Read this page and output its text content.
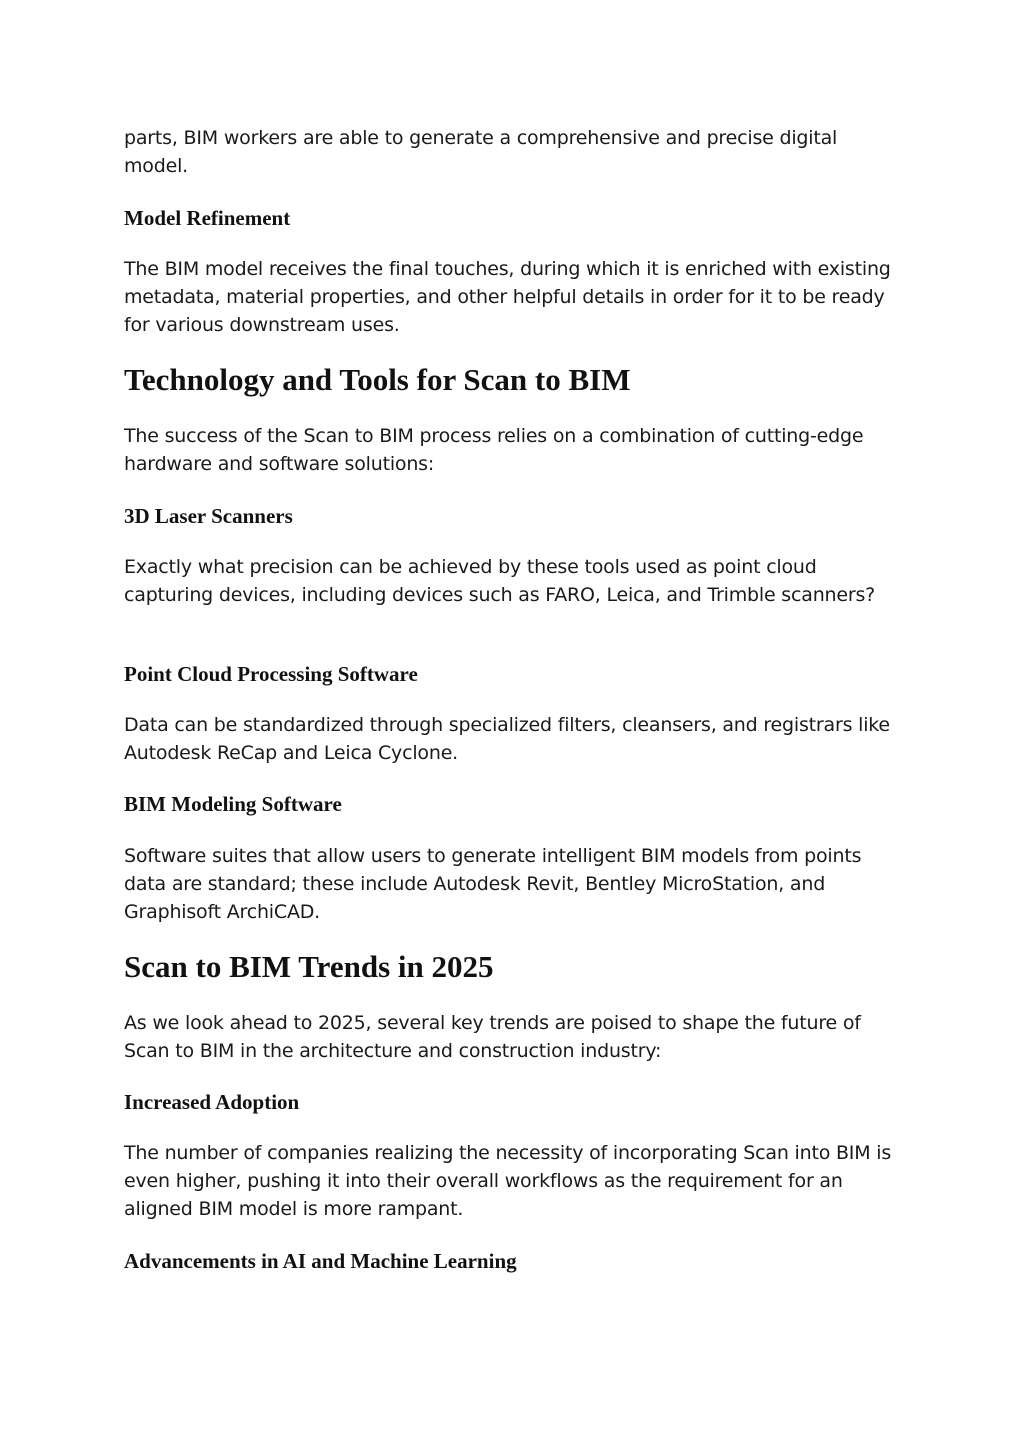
parts, BIM workers are able to generate a comprehensive and precise digital model.

Model Refinement

The BIM model receives the final touches, during which it is enriched with existing metadata, material properties, and other helpful details in order for it to be ready for various downstream uses.

Technology and Tools for Scan to BIM

The success of the Scan to BIM process relies on a combination of cutting-edge hardware and software solutions:

3D Laser Scanners

Exactly what precision can be achieved by these tools used as point cloud capturing devices, including devices such as FARO, Leica, and Trimble scanners?

Point Cloud Processing Software

Data can be standardized through specialized filters, cleansers, and registrars like Autodesk ReCap and Leica Cyclone.

BIM Modeling Software

Software suites that allow users to generate intelligent BIM models from points data are standard; these include Autodesk Revit, Bentley MicroStation, and Graphisoft ArchiCAD.

Scan to BIM Trends in 2025

As we look ahead to 2025, several key trends are poised to shape the future of Scan to BIM in the architecture and construction industry:

Increased Adoption

The number of companies realizing the necessity of incorporating Scan into BIM is even higher, pushing it into their overall workflows as the requirement for an aligned BIM model is more rampant.

Advancements in AI and Machine Learning
